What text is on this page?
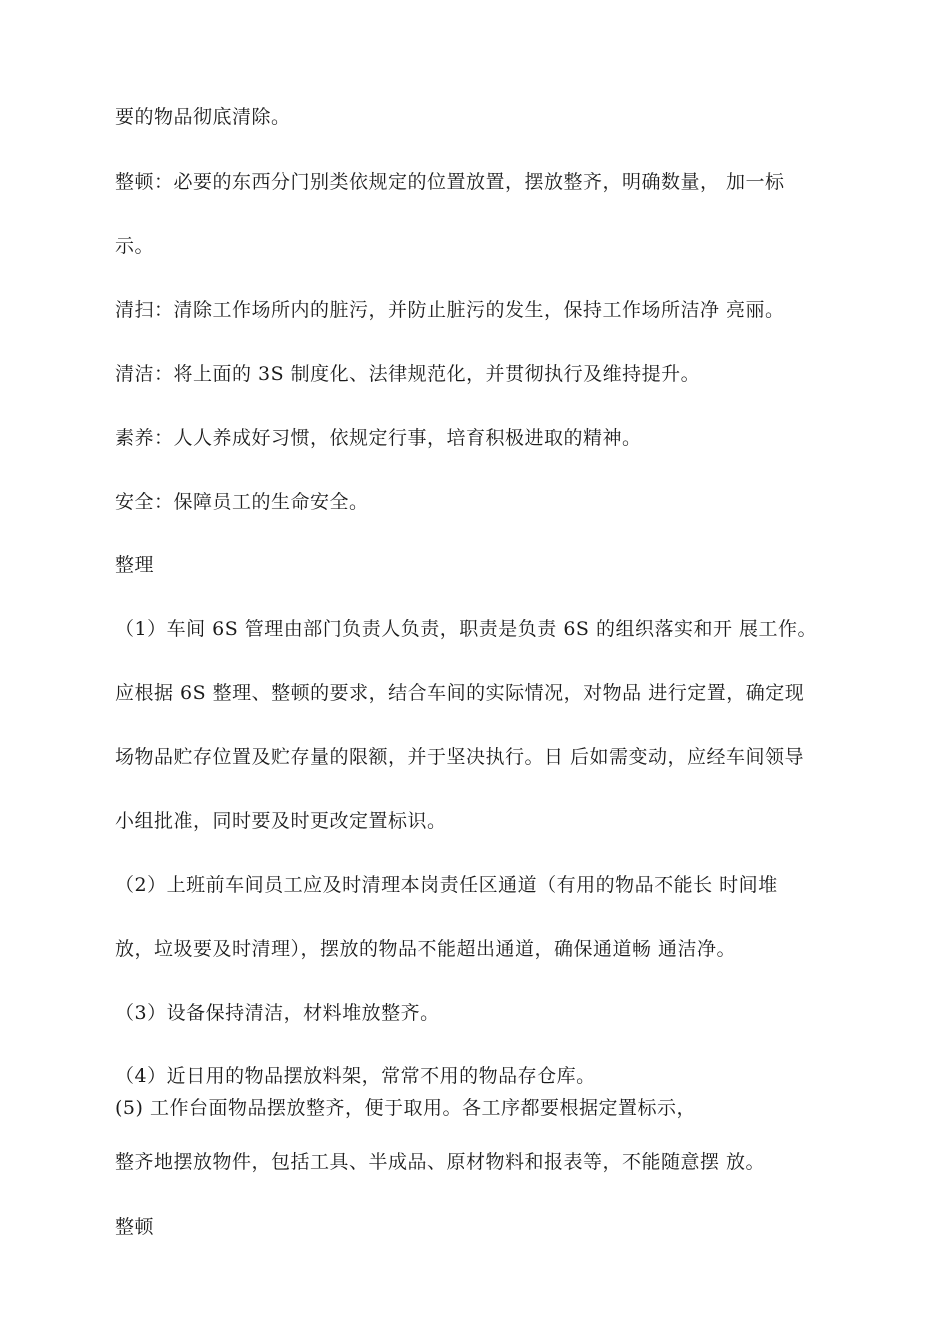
要的物品彻底清除。
整顿：必要的东西分门别类依规定的位置放置，摆放整齐，明确数量， 加一标
示。
清扫：清除工作场所内的脏污，并防止脏污的发生，保持工作场所洁净 亮丽。
清洁：将上面的 3S 制度化、法律规范化，并贯彻执行及维持提升。
素养：人人养成好习惯，依规定行事，培育积极进取的精神。
安全：保障员工的生命安全。
整理
（1）车间 6S 管理由部门负责人负责，职责是负责 6S 的组织落实和开 展工作。
应根据 6S 整理、整顿的要求，结合车间的实际情况，对物品 进行定置，确定现
场物品贮存位置及贮存量的限额，并于坚决执行。日 后如需变动，应经车间领导
小组批准，同时要及时更改定置标识。
（2）上班前车间员工应及时清理本岗责任区通道（有用的物品不能长 时间堆
放，垃圾要及时清理），摆放的物品不能超出通道，确保通道畅 通洁净。
（3）设备保持清洁，材料堆放整齐。
（4）近日用的物品摆放料架，常常不用的物品存仓库。
(5) 工作台面物品摆放整齐，便于取用。各工序都要根据定置标示，
整齐地摆放物件，包括工具、半成品、原材物料和报表等，不能随意摆 放。
整顿
